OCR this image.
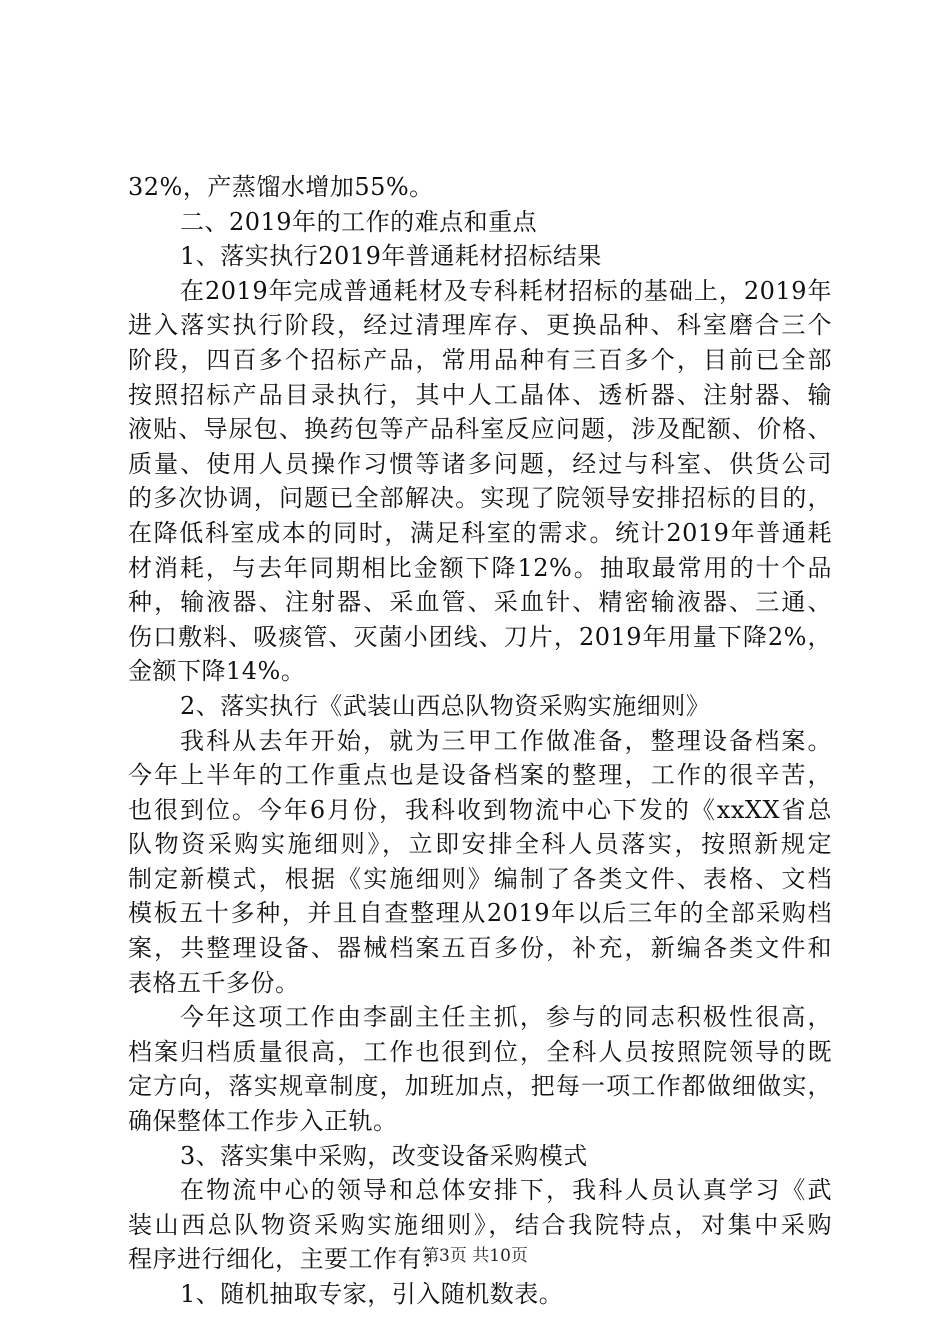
32%，产蒸馏水增加55%。
二、2019年的工作的难点和重点
1、落实执行2019年普通耗材招标结果
在2019年完成普通耗材及专科耗材招标的基础上，2019年
进入落实执行阶段，经过清理库存、更换品种、科室磨合三个
阶段，四百多个招标产品，常用品种有三百多个，目前已全部
按照招标产品目录执行，其中人工晶体、透析器、注射器、输
液贴、导尿包、换药包等产品科室反应问题，涉及配额、价格、
质量、使用人员操作习惯等诸多问题，经过与科室、供货公司
的多次协调，问题已全部解决。实现了院领导安排招标的目的，
在降低科室成本的同时，满足科室的需求。统计2019年普通耗
材消耗，与去年同期相比金额下降12%。抽取最常用的十个品
种，输液器、注射器、采血管、采血针、精密输液器、三通、
伤口敷料、吸痰管、灭菌小团线、刀片，2019年用量下降2%，
金额下降14%。
2、落实执行《武装山西总队物资采购实施细则》
我科从去年开始，就为三甲工作做准备，整理设备档案。
今年上半年的工作重点也是设备档案的整理，工作的很辛苦，
也很到位。今年6月份，我科收到物流中心下发的《xxXX省总
队物资采购实施细则》，立即安排全科人员落实，按照新规定
制定新模式，根据《实施细则》编制了各类文件、表格、文档
模板五十多种，并且自查整理从2019年以后三年的全部采购档
案，共整理设备、器械档案五百多份，补充，新编各类文件和
表格五千多份。
今年这项工作由李副主任主抓，参与的同志积极性很高，
档案归档质量很高，工作也很到位，全科人员按照院领导的既
定方向，落实规章制度，加班加点，把每一项工作都做细做实，
确保整体工作步入正轨。
3、落实集中采购，改变设备采购模式
在物流中心的领导和总体安排下，我科人员认真学习《武
装山西总队物资采购实施细则》，结合我院特点，对集中采购
程序进行细化，主要工作有：
1、随机抽取专家，引入随机数表。
第3页 共10页
